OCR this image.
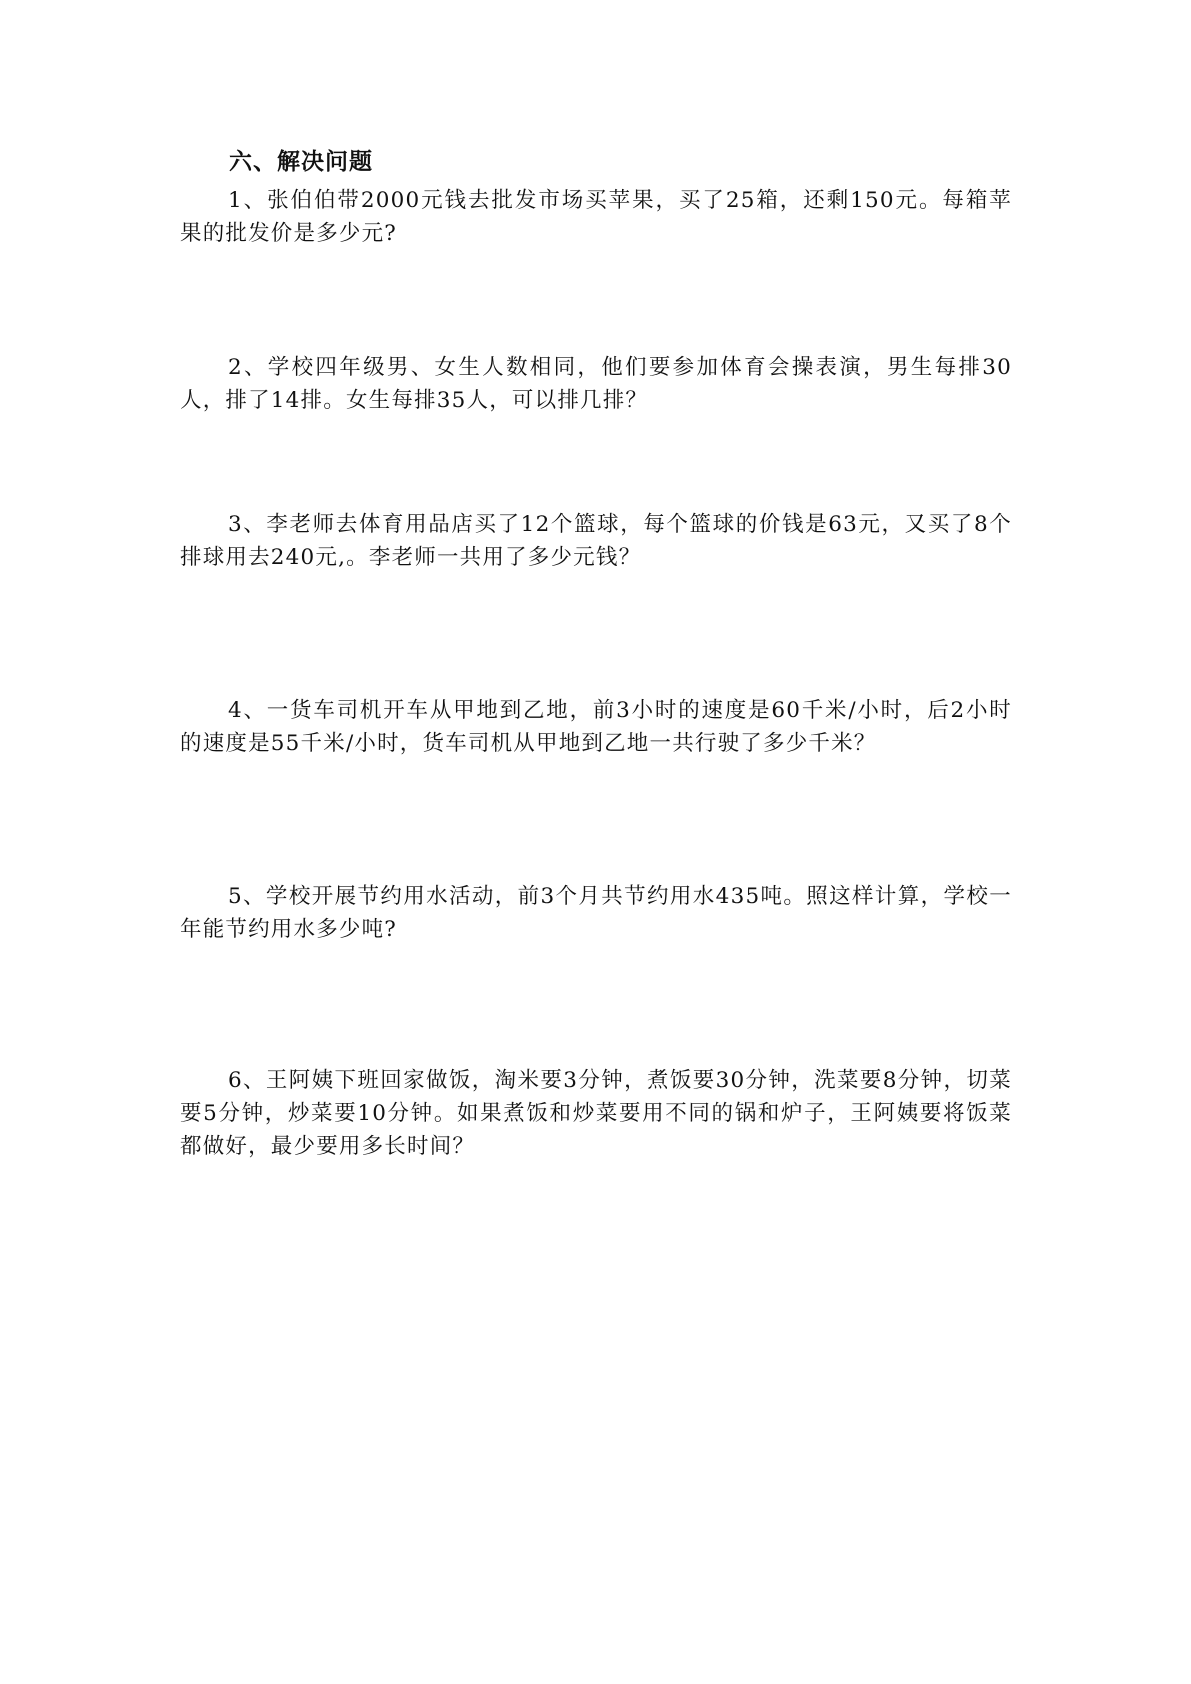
六、解决问题
1、张伯伯带2000元钱去批发市场买苹果，买了25箱，还剩150元。每箱苹果的批发价是多少元?
2、学校四年级男、女生人数相同，他们要参加体育会操表演，男生每排30人，排了14排。女生每排35人，可以排几排？
3、李老师去体育用品店买了12个篮球，每个篮球的价钱是63元，又买了8个排球用去240元,。李老师一共用了多少元钱？
4、一货车司机开车从甲地到乙地，前3小时的速度是60千米/小时，后2小时的速度是55千米/小时，货车司机从甲地到乙地一共行驶了多少千米？
5、学校开展节约用水活动，前3个月共节约用水435吨。照这样计算，学校一年能节约用水多少吨?
6、王阿姨下班回家做饭，淘米要3分钟，煮饭要30分钟，洗菜要8分钟，切菜要5分钟，炒菜要10分钟。如果煮饭和炒菜要用不同的锅和炉子，王阿姨要将饭菜都做好，最少要用多长时间？
